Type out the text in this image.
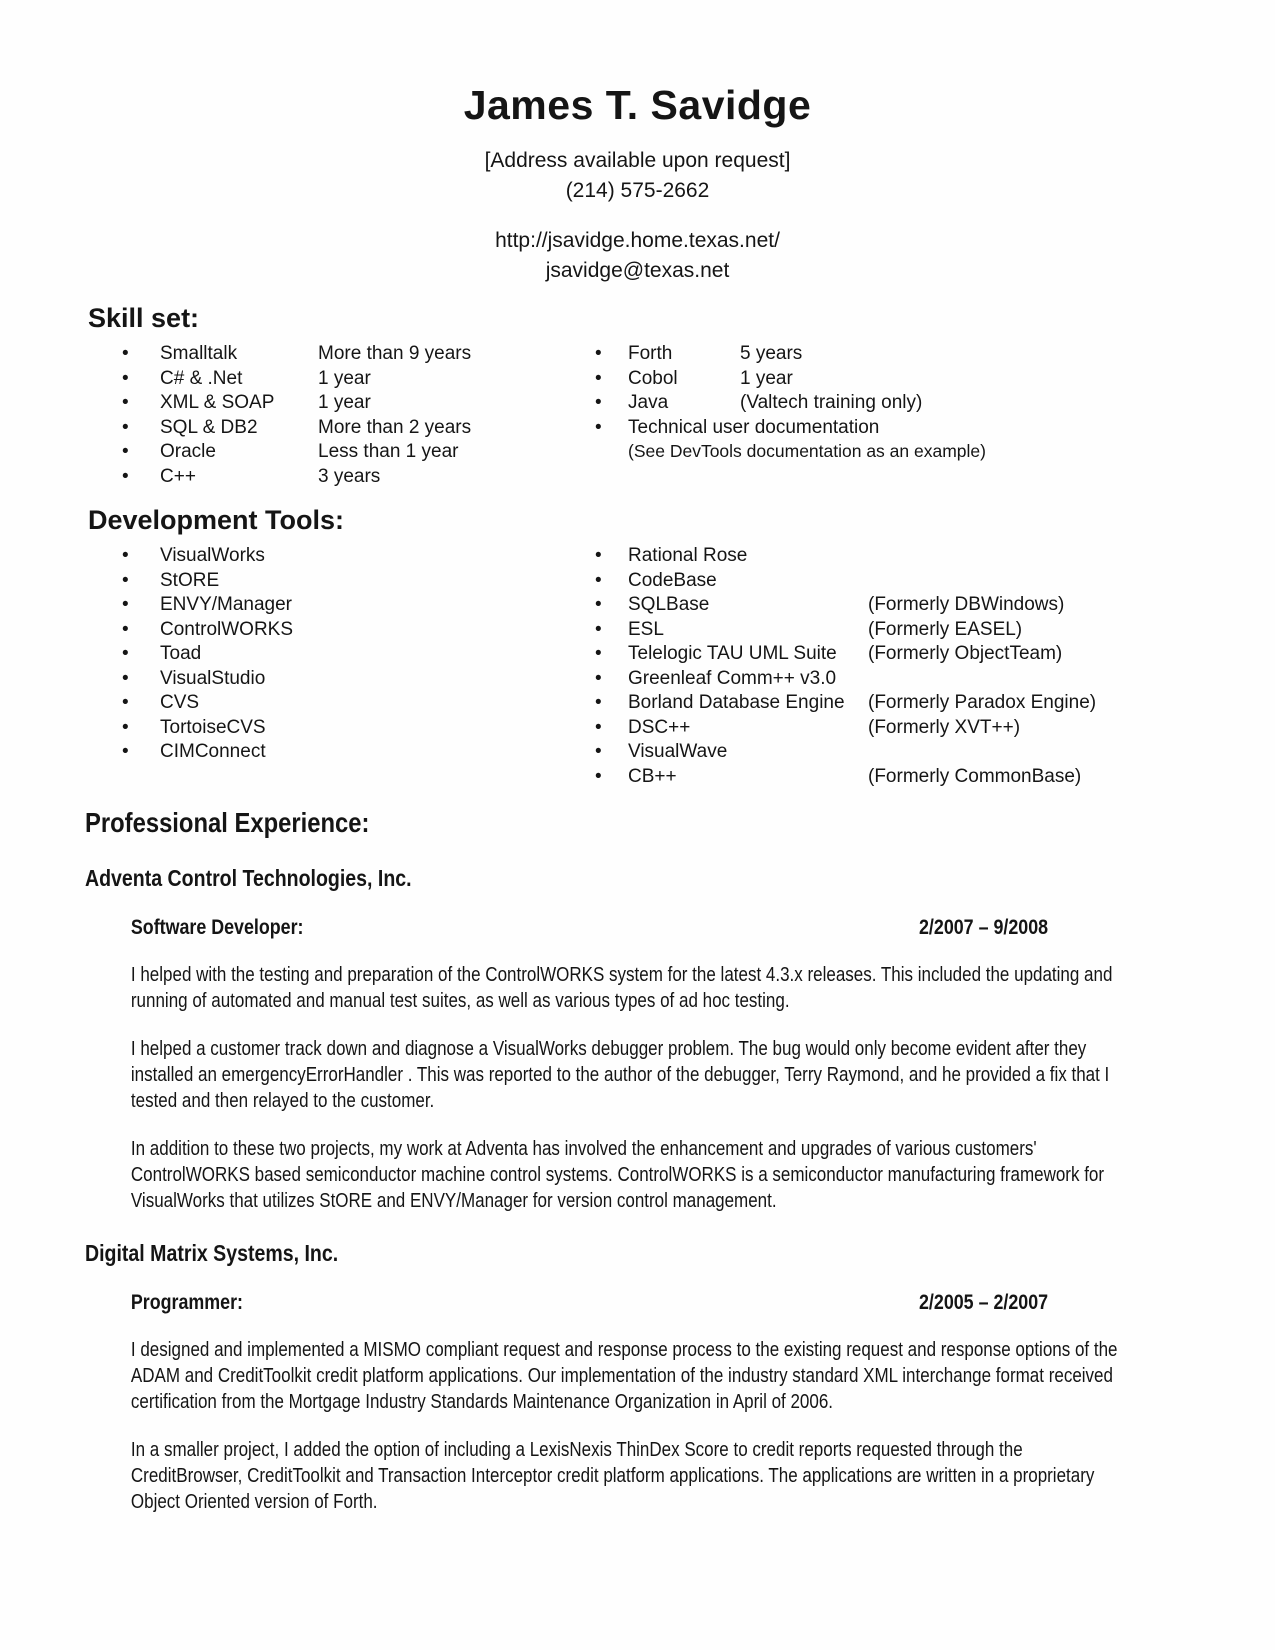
James T. Savidge
[Address available upon request]
(214) 575-2662
http://jsavidge.home.texas.net/
jsavidge@texas.net
Skill set:
•	Smalltalk	More than 9 years
•	C# & .Net	1 year
•	XML & SOAP	1 year
•	SQL & DB2	More than 2 years
•	Oracle	Less than 1 year
•	C++	3 years
•	Forth	5 years
•	Cobol	1 year
•	Java	(Valtech training only)
•	Technical user documentation
(See DevTools documentation as an example)
Development Tools:
•	VisualWorks
•	StORE
•	ENVY/Manager
•	ControlWORKS
•	Toad
•	VisualStudio
•	CVS
•	TortoiseCVS
•	CIMConnect
•	Rational Rose
•	CodeBase
•	SQLBase	(Formerly DBWindows)
•	ESL	(Formerly EASEL)
•	Telelogic TAU UML Suite	(Formerly ObjectTeam)
•	Greenleaf Comm++ v3.0
•	Borland Database Engine	(Formerly Paradox Engine)
•	DSC++	(Formerly XVT++)
•	VisualWave
•	CB++	(Formerly CommonBase)
Professional Experience:
Adventa Control Technologies, Inc.
Software Developer:	2/2007 – 9/2008
I helped with the testing and preparation of the ControlWORKS system for the latest 4.3.x releases. This included the updating and running of automated and manual test suites, as well as various types of ad hoc testing.
I helped a customer track down and diagnose a VisualWorks debugger problem. The bug would only become evident after they installed an emergencyErrorHandler . This was reported to the author of the debugger, Terry Raymond, and he provided a fix that I tested and then relayed to the customer.
In addition to these two projects, my work at Adventa has involved the enhancement and upgrades of various customers' ControlWORKS based semiconductor machine control systems. ControlWORKS is a semiconductor manufacturing framework for VisualWorks that utilizes StORE and ENVY/Manager for version control management.
Digital Matrix Systems, Inc.
Programmer:	2/2005 – 2/2007
I designed and implemented a MISMO compliant request and response process to the existing request and response options of the ADAM and CreditToolkit credit platform applications. Our implementation of the industry standard XML interchange format received certification from the Mortgage Industry Standards Maintenance Organization in April of 2006.
In a smaller project, I added the option of including a LexisNexis ThinDex Score to credit reports requested through the CreditBrowser, CreditToolkit and Transaction Interceptor credit platform applications. The applications are written in a proprietary Object Oriented version of Forth.
